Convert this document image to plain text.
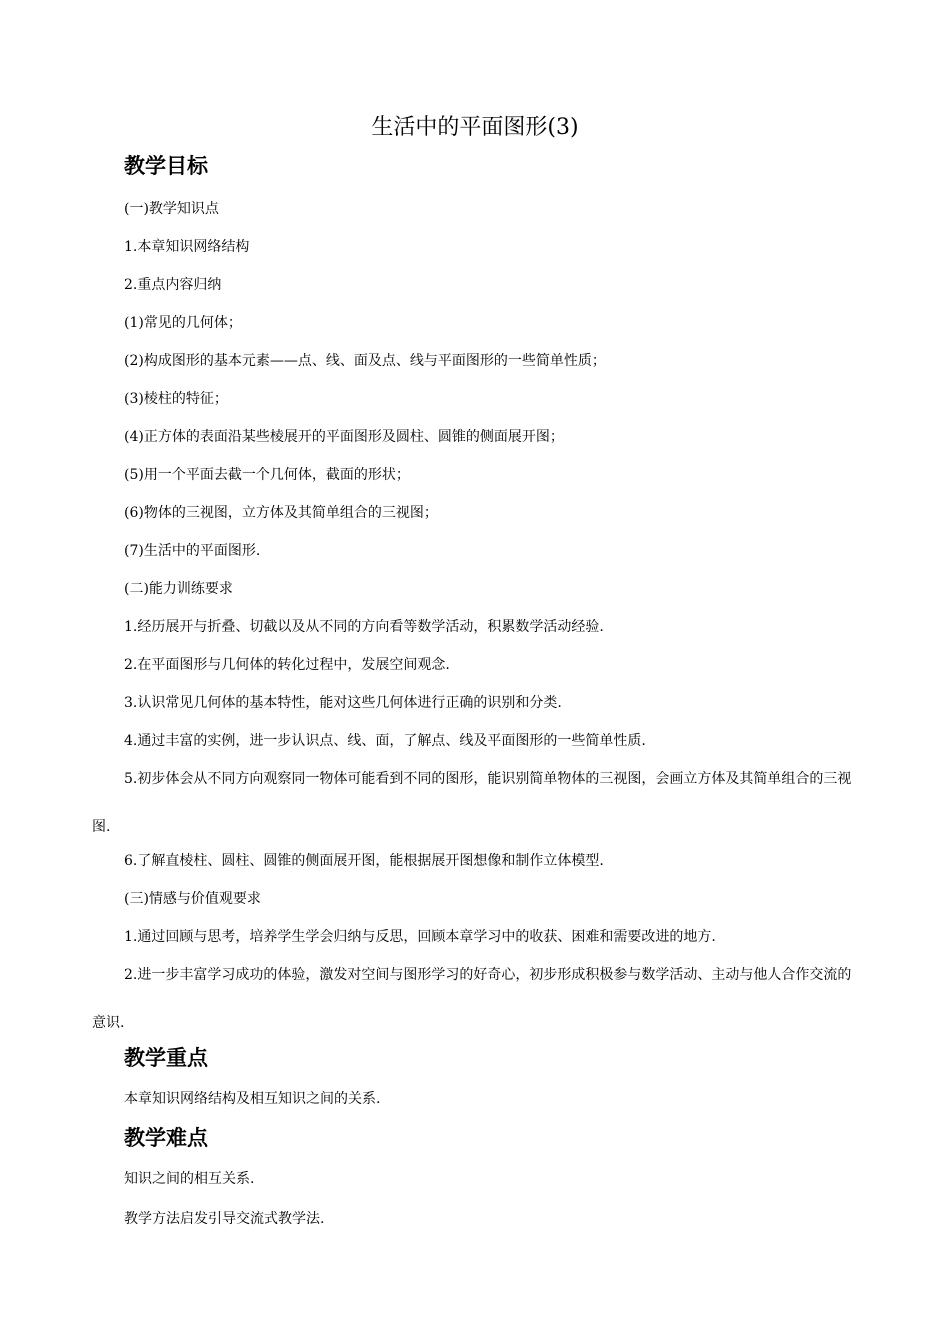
生活中的平面图形(3)
教学目标
(一)教学知识点
1.本章知识网络结构
2.重点内容归纳
(1)常见的几何体；
(2)构成图形的基本元素——点、线、面及点、线与平面图形的一些简单性质；
(3)棱柱的特征；
(4)正方体的表面沿某些棱展开的平面图形及圆柱、圆锥的侧面展开图；
(5)用一个平面去截一个几何体，截面的形状；
(6)物体的三视图，立方体及其简单组合的三视图；
(7)生活中的平面图形.
(二)能力训练要求
1.经历展开与折叠、切截以及从不同的方向看等数学活动，积累数学活动经验.
2.在平面图形与几何体的转化过程中，发展空间观念.
3.认识常见几何体的基本特性，能对这些几何体进行正确的识别和分类.
4.通过丰富的实例，进一步认识点、线、面，了解点、线及平面图形的一些简单性质.
5.初步体会从不同方向观察同一物体可能看到不同的图形，能识别简单物体的三视图，会画立方体及其简单组合的三视图.
6.了解直棱柱、圆柱、圆锥的侧面展开图，能根据展开图想像和制作立体模型.
(三)情感与价值观要求
1.通过回顾与思考，培养学生学会归纳与反思，回顾本章学习中的收获、困难和需要改进的地方.
2.进一步丰富学习成功的体验，激发对空间与图形学习的好奇心，初步形成积极参与数学活动、主动与他人合作交流的意识.
教学重点
本章知识网络结构及相互知识之间的关系.
教学难点
知识之间的相互关系.
教学方法启发引导交流式教学法.
